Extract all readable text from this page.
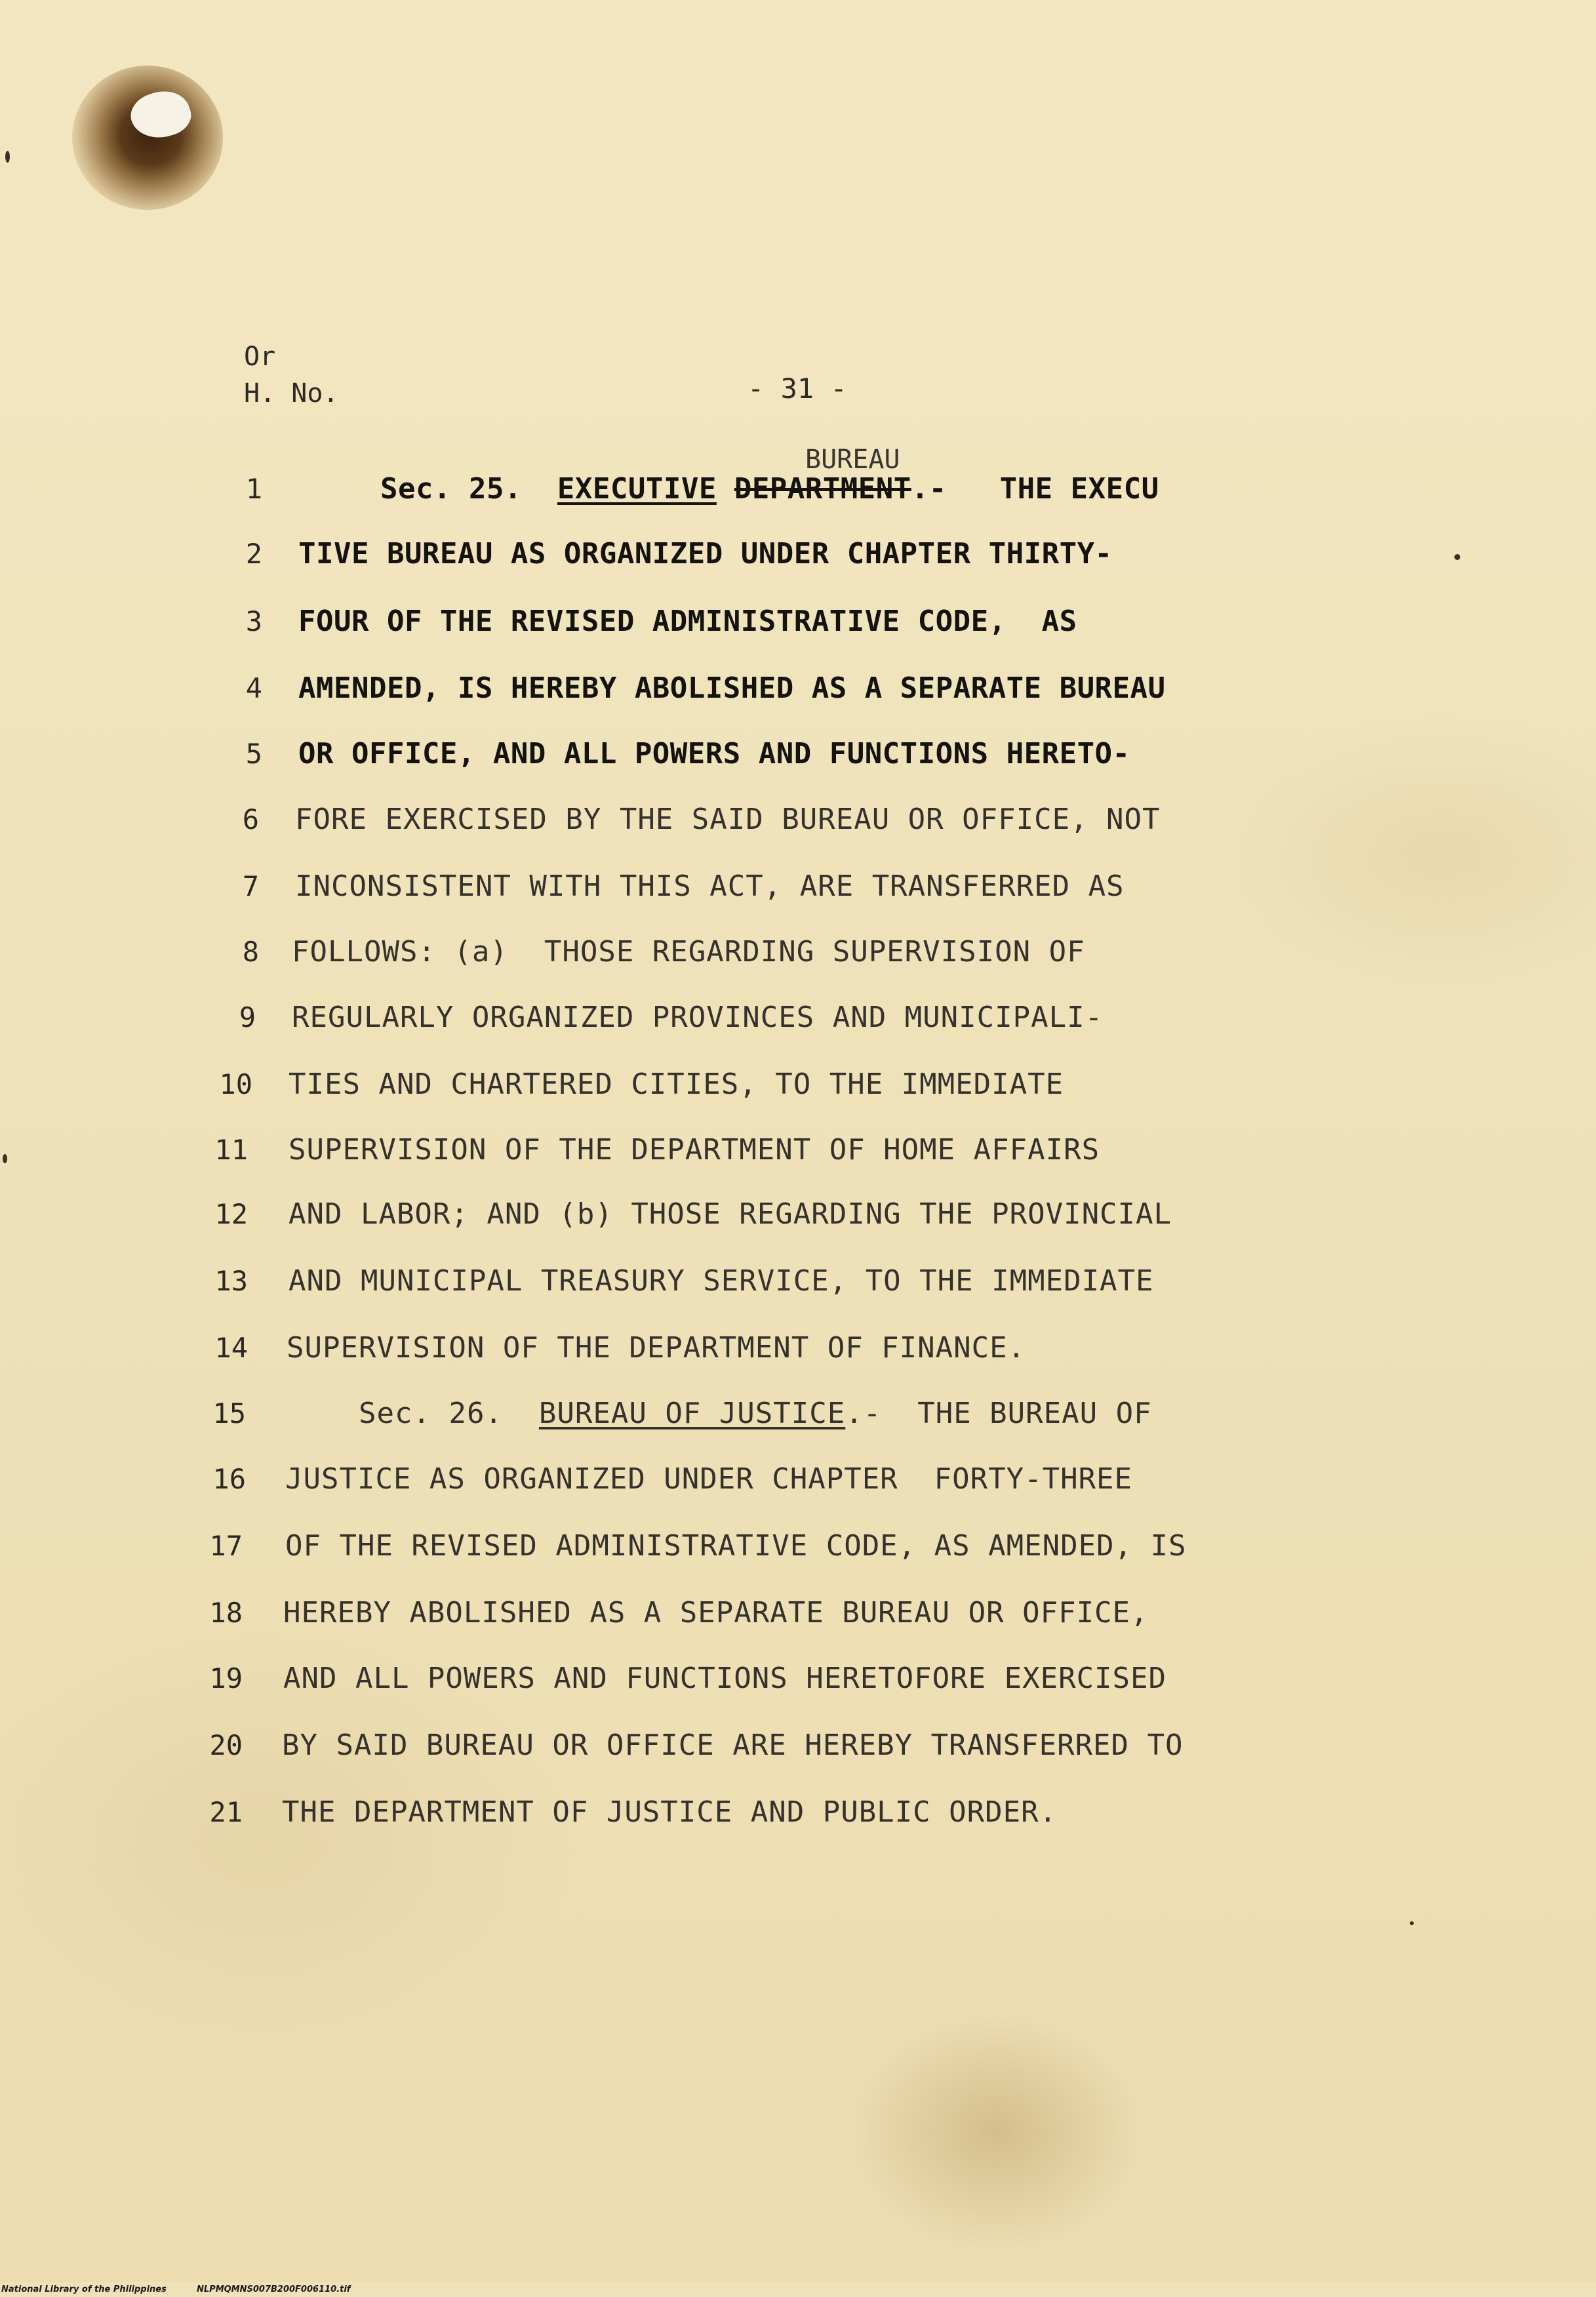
Or
H. No.	- 31 -
BUREAU
1	Sec. 25.  EXECUTIVE DEPARTMENT.-   THE EXECU
2 TIVE BUREAU AS ORGANIZED UNDER CHAPTER THIRTY-
3 FOUR OF THE REVISED ADMINISTRATIVE CODE,  AS
4 AMENDED, IS HEREBY ABOLISHED AS A SEPARATE BUREAU
5 OR OFFICE, AND ALL POWERS AND FUNCTIONS HERETO-
6 FORE EXERCISED BY THE SAID BUREAU OR OFFICE, NOT
7 INCONSISTENT WITH THIS ACT, ARE TRANSFERRED AS
8 FOLLOWS: (a)  THOSE REGARDING SUPERVISION OF
9 REGULARLY ORGANIZED PROVINCES AND MUNICIPALI-
10 TIES AND CHARTERED CITIES, TO THE IMMEDIATE
11 SUPERVISION OF THE DEPARTMENT OF HOME AFFAIRS
12 AND LABOR; AND (b) THOSE REGARDING THE PROVINCIAL
13 AND MUNICIPAL TREASURY SERVICE, TO THE IMMEDIATE
14 SUPERVISION OF THE DEPARTMENT OF FINANCE.
15	Sec. 26.  BUREAU OF JUSTICE.-  THE BUREAU OF
16 JUSTICE AS ORGANIZED UNDER CHAPTER  FORTY-THREE
17 OF THE REVISED ADMINISTRATIVE CODE, AS AMENDED, IS
18 HEREBY ABOLISHED AS A SEPARATE BUREAU OR OFFICE,
19 AND ALL POWERS AND FUNCTIONS HERETOFORE EXERCISED
20 BY SAID BUREAU OR OFFICE ARE HEREBY TRANSFERRED TO
21 THE DEPARTMENT OF JUSTICE AND PUBLIC ORDER.

National Library of the Philippines

	NLPMQMNS007B200F006110.tif
